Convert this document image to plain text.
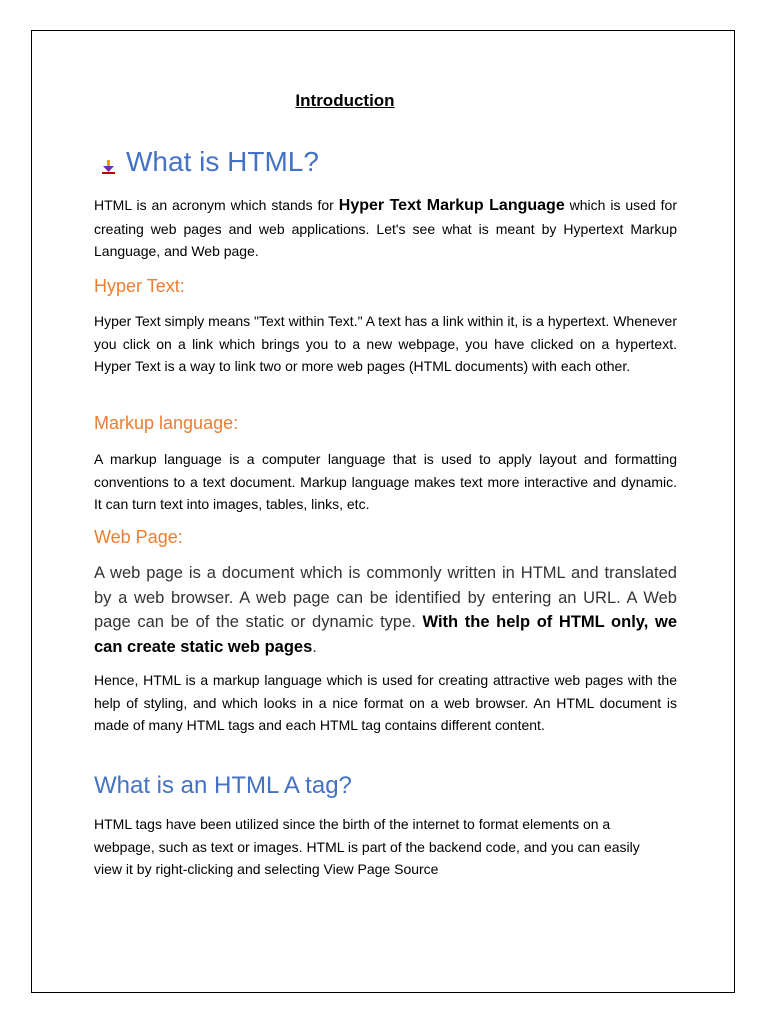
Introduction
What is HTML?
HTML is an acronym which stands for Hyper Text Markup Language which is used for creating web pages and web applications. Let's see what is meant by Hypertext Markup Language, and Web page.
Hyper Text:
Hyper Text simply means "Text within Text." A text has a link within it, is a hypertext. Whenever you click on a link which brings you to a new webpage, you have clicked on a hypertext. Hyper Text is a way to link two or more web pages (HTML documents) with each other.
Markup language:
A markup language is a computer language that is used to apply layout and formatting conventions to a text document. Markup language makes text more interactive and dynamic. It can turn text into images, tables, links, etc.
Web Page:
A web page is a document which is commonly written in HTML and translated by a web browser. A web page can be identified by entering an URL. A Web page can be of the static or dynamic type. With the help of HTML only, we can create static web pages.
Hence, HTML is a markup language which is used for creating attractive web pages with the help of styling, and which looks in a nice format on a web browser. An HTML document is made of many HTML tags and each HTML tag contains different content.
What is an HTML A tag?
HTML tags have been utilized since the birth of the internet to format elements on a webpage, such as text or images. HTML is part of the backend code, and you can easily view it by right-clicking and selecting View Page Source
